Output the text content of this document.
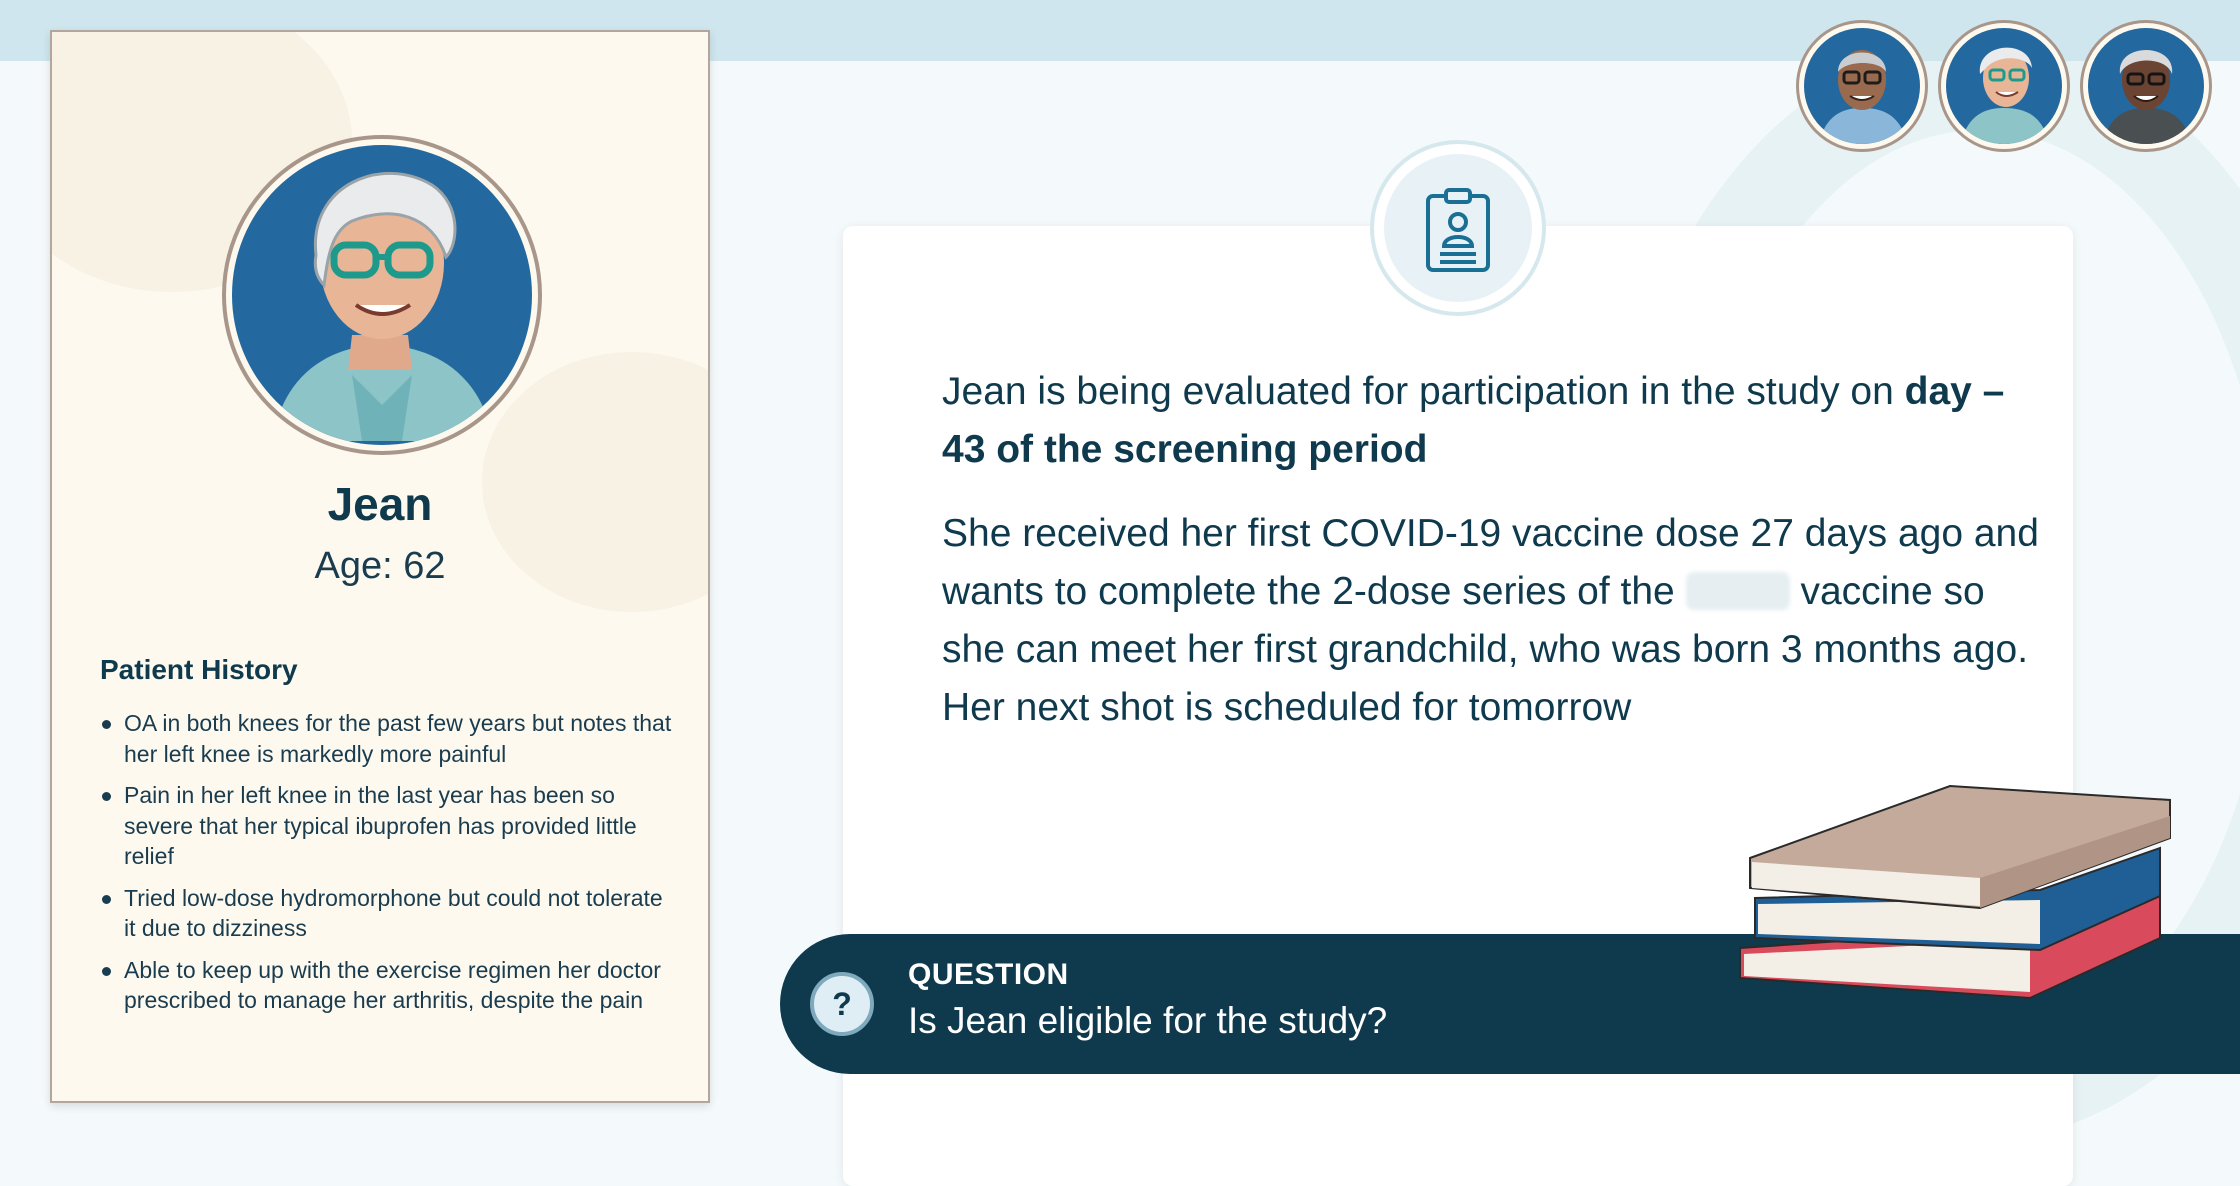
Jean
Age: 62
Patient History
OA in both knees for the past few years but notes that her left knee is markedly more painful
Pain in her left knee in the last year has been so severe that her typical ibuprofen has provided little relief
Tried low-dose hydromorphone but could not tolerate it due to dizziness
Able to keep up with the exercise regimen her doctor prescribed to manage her arthritis, despite the pain
Jean is being evaluated for participation in the study on day –43 of the screening period
She received her first COVID-19 vaccine dose 27 days ago and wants to complete the 2-dose series of the	vaccine so she can meet her first grandchild, who was born 3 months ago. Her next shot is scheduled for tomorrow
?
QUESTION
Is Jean eligible for the study?
